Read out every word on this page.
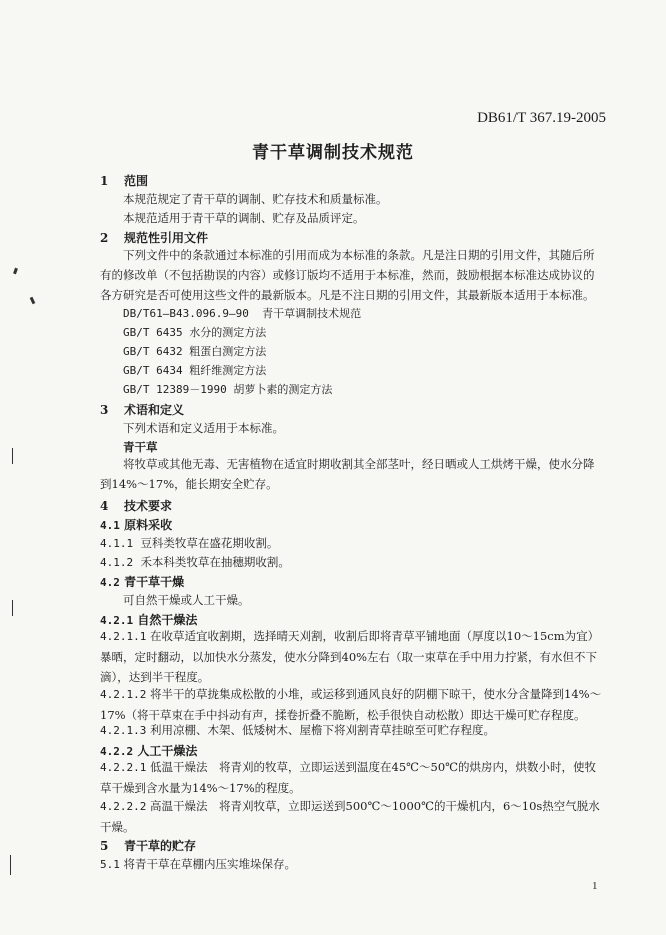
DB61/T 367.19-2005
青干草调制技术规范
1 范围
本规范规定了青干草的调制、贮存技术和质量标准。
本规范适用于青干草的调制、贮存及品质评定。
2 规范性引用文件
下列文件中的条款通过本标准的引用而成为本标准的条款。凡是注日期的引用文件，其随后所有的修改单（不包括勘误的内容）或修订版均不适用于本标准，然而，鼓励根据本标准达成协议的各方研究是否可使用这些文件的最新版本。凡是不注日期的引用文件，其最新版本适用于本标准。
DB/T61—B43.096.9—90 青干草调制技术规范
GB/T 6435 水分的测定方法
GB/T 6432 粗蛋白测定方法
GB/T 6434 粗纤维测定方法
GB/T 12389－1990 胡萝卜素的测定方法
3 术语和定义
下列术语和定义适用于本标准。
青干草
将牧草或其他无毒、无害植物在适宜时期收割其全部茎叶，经日晒或人工烘烤干燥，使水分降到14%～17%，能长期安全贮存。
4 技术要求
4.1 原料采收
4.1.1 豆科类牧草在盛花期收割。
4.1.2 禾本科类牧草在抽穗期收割。
4.2 青干草干燥
可自然干燥或人工干燥。
4.2.1 自然干燥法
4.2.1.1 在收草适宜收割期，选择晴天刈割，收割后即将青草平铺地面（厚度以10～15cm为宜）暴晒，定时翻动，以加快水分蒸发，使水分降到40%左右（取一束草在手中用力拧紧，有水但不下滴），达到半干程度。
4.2.1.2 将半干的草拢集成松散的小堆，或运移到通风良好的阴棚下晾干，使水分含量降到14%～17%（将干草束在手中抖动有声，揉卷折叠不脆断，松手很快自动松散）即达干燥可贮存程度。
4.2.1.3 利用凉棚、木架、低矮树木、屋檐下将刈割青草挂晾至可贮存程度。
4.2.2 人工干燥法
4.2.2.1 低温干燥法　将青刈的牧草，立即运送到温度在45℃～50℃的烘房内，烘数小时，使牧草干燥到含水量为14%～17%的程度。
4.2.2.2 高温干燥法　将青刈牧草，立即运送到500℃～1000℃的干燥机内，6～10s热空气脱水干燥。
5 青干草的贮存
5.1 将青干草在草棚内压实堆垛保存。
1
